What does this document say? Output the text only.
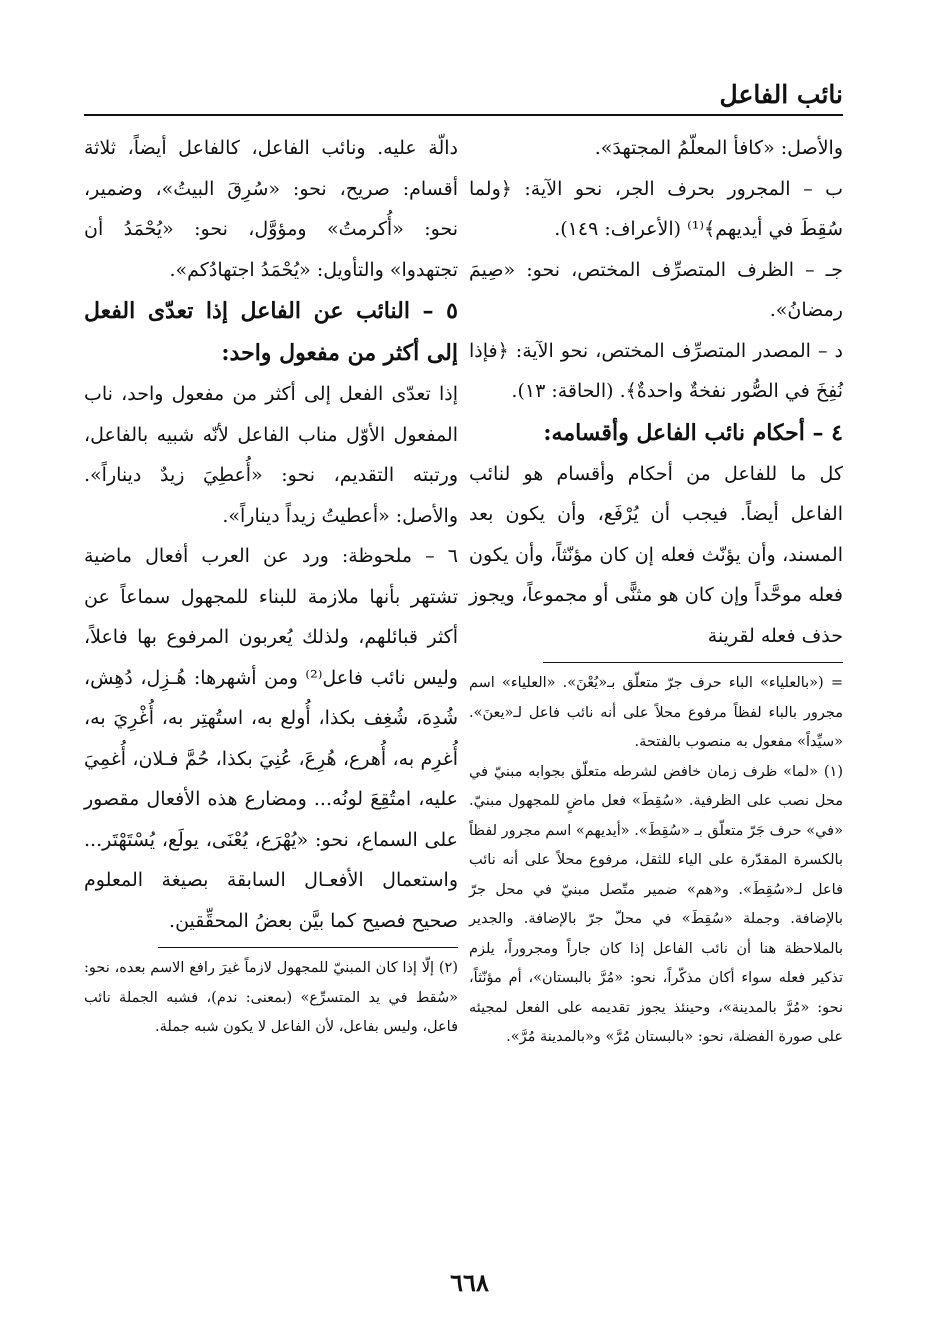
نائب الفاعل

والأصل: «كافأ المعلّمُ المجتهدَ».

ب – المجرور بحرف الجر، نحو الآية: ﴿ولما سُقِطَ في أيديهم﴾⁽¹⁾ (الأعراف: ١٤٩).

جـ – الظرف المتصرِّف المختص، نحو: «صِيمَ رمضانُ».

د – المصدر المتصرِّف المختص، نحو الآية: ﴿فإذا نُفِخَ في الصُّور نفخةٌ واحدةٌ﴾. (الحاقة: ١٣).

٤ – أحكام نائب الفاعل وأقسامه:

كل ما للفاعل من أحكام وأقسام هو لنائب الفاعل أيضاً. فيجب أن يُرْفَع، وأن يكون بعد المسند، وأن يؤنّث فعله إن كان مؤنّثاً، وأن يكون فعله موحَّداً وإن كان هو مثنًّى أو مجموعاً، ويجوز حذف فعله لقرينة

= («بالعلياء» الباء حرف جرّ متعلّق بـ«يُعْنَ». «العلياء» اسم مجرور بالباء لفظاً مرفوع محلاً على أنه نائب فاعل لـ«يعنَ». «سيِّداً» مفعول به منصوب بالفتحة.

(١) «لما» ظرف زمان خافض لشرطه متعلّق بجوابه مبنيّ في محل نصب على الظرفية. «سُقِطَ» فعل ماضٍ للمجهول مبنيّ. «في» حرف جَرّ متعلّق بـ «سُقِطَ». «أيديهم» اسم مجرور لفظاً بالكسرة المقدّرة على الياء للثقل، مرفوع محلاً على أنه نائب فاعل لـ«سُقِطَ». و«هم» ضمير متّصل مبنيّ في محل جرّ بالإضافة. وجملة «سُقِطَ» في محلّ جرّ بالإضافة. والجدير بالملاحظة هنا أن نائب الفاعل إذا كان جاراً ومجروراً، يلزم تذكير فعله سواء أكان مذكّراً، نحو: «مُرَّ بالبستان»، أم مؤنّثاً، نحو: «مُرَّ بالمدينة»، وحينئذ يجوز تقديمه على الفعل لمجيئه على صورة الفضلة، نحو: «بالبستان مُرَّ» و«بالمدينة مُرَّ».

دالّة عليه. ونائب الفاعل، كالفاعل أيضاً، ثلاثة أقسام: صريح، نحو: «سُرِقَ البيتُ»، وضمير، نحو: «أُكرمتُ» ومؤوَّل، نحو: «يُحْمَدُ أن تجتهدوا» والتأويل: «يُحْمَدُ اجتهادُكم».

٥ – النائب عن الفاعل إذا تعدّى الفعل إلى أكثر من مفعول واحد:

إذا تعدّى الفعل إلى أكثر من مفعول واحد، ناب المفعول الأوّل مناب الفاعل لأنّه شبيه بالفاعل، ورتبته التقديم، نحو: «أُعطِيَ زيدٌ ديناراً». والأصل: «أعطيتُ زيداً ديناراً».

٦ – ملحوظة: ورد عن العرب أفعال ماضية تشتهر بأنها ملازمة للبناء للمجهول سماعاً عن أكثر قبائلهم، ولذلك يُعربون المرفوع بها فاعلاً، وليس نائب فاعل⁽²⁾ ومن أشهرها: هُـزِل، دُهِش، شُدِهَ، شُغِف بكذا، أُولع به، استُهتِر به، أُغْرِيَ به، أُغرِم به، أُهرع، هُرِعَ، عُنِيَ بكذا، حُمَّ فـلان، أُغمِيَ عليه، امتُقِعَ لونُه... ومضارع هذه الأفعال مقصور على السماع، نحو: «يُهْرَع، يُعْنَى، يولَع، يُسْتَهْتَر... واستعمال الأفعـال السابقة بصيغة المعلوم صحيح فصيح كما بيَّن بعضُ المحقِّقين.

(٢) إلّا إذا كان المبنيّ للمجهول لازماً غيرَ رافع الاسم بعده، نحو: «سُقط في يد المتسرِّع» (بمعنى: ندم)، فشبه الجملة نائب فاعل، وليس بفاعل، لأن الفاعل لا يكون شبه جملة.

٦٦٨
